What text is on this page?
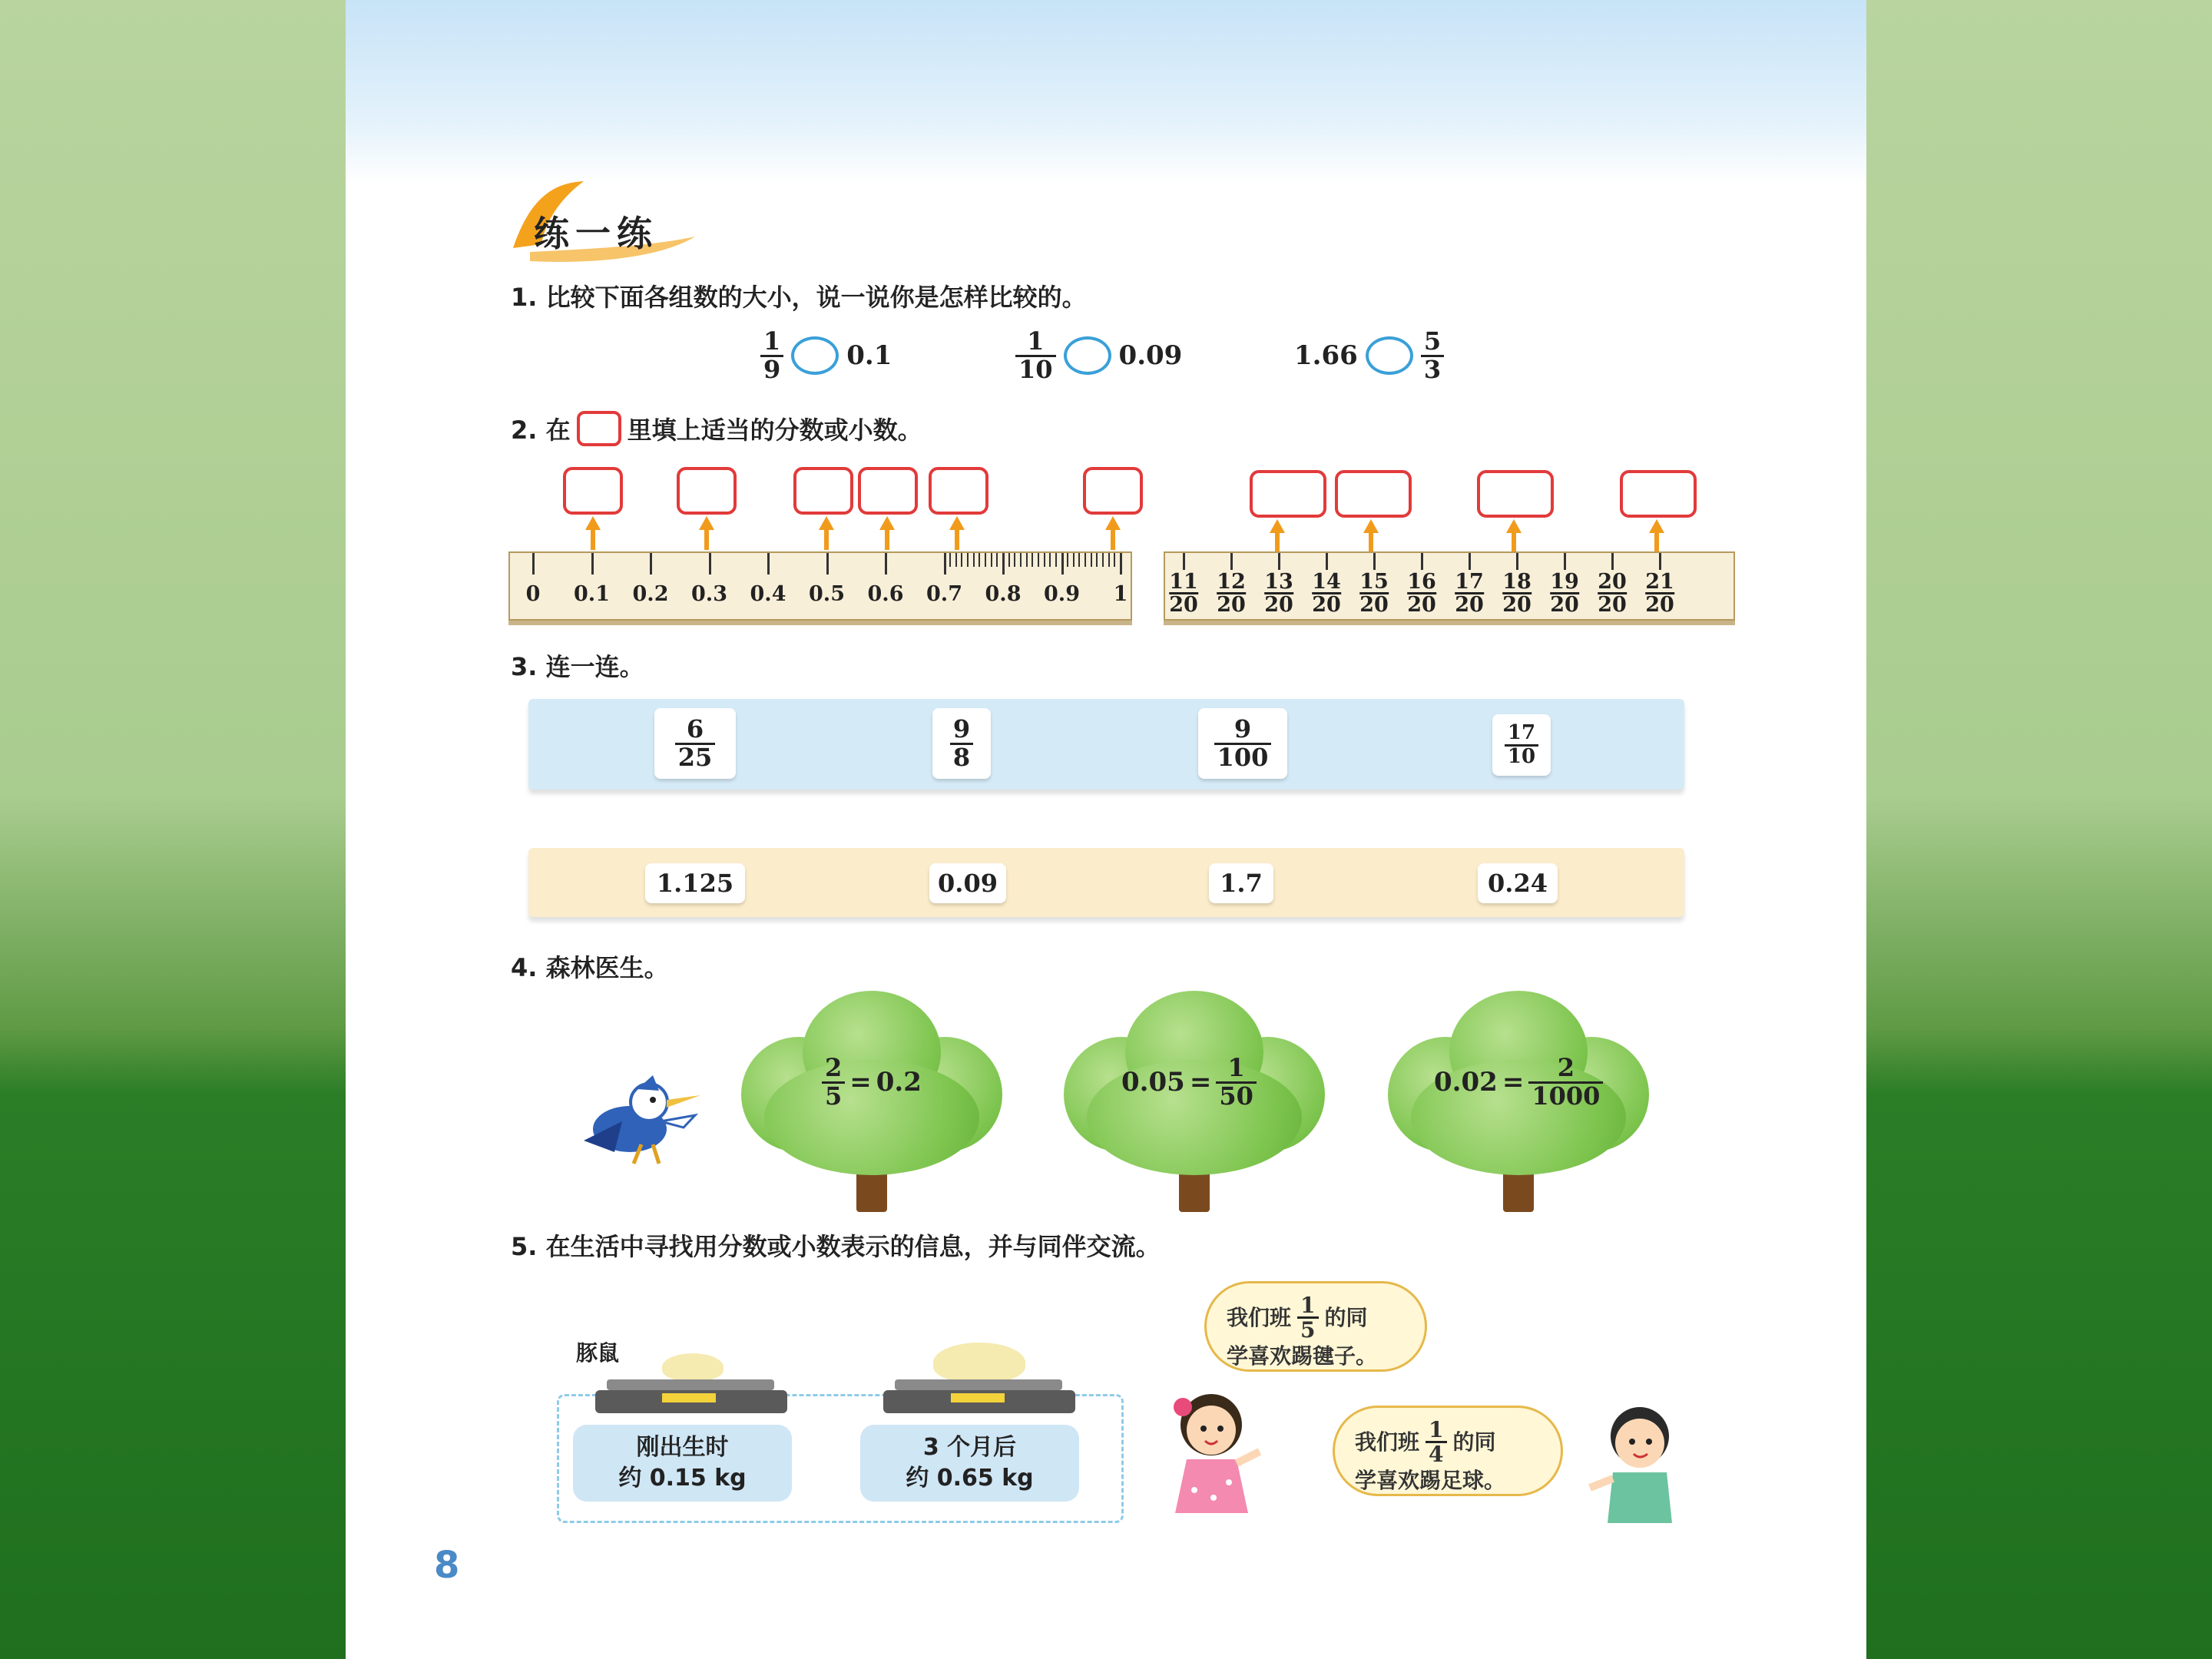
练一练
1. 比较下面各组数的大小，说一说你是怎样比较的。
$\frac{1}{9} 0.1$	$\frac{1}{10} 0.09$	1.66	$\frac{5}{3}$
2. 在 里填上适当的分数或小数。
0 0.1 0.2 0.3 0.4 0.5 0.6 0.7 0.8 0.9 1
11
20
12
20
13
20
14
20
15
20
16
20
17
20
18
20
19
20
20
20
21
20
3. 连一连。
$\frac{6}{25}$	$\frac{9}{8}$	$\frac{9}{100}$	$\frac{17}{10}$
1.125	0.09	1.7	0.24
4. 森林医生。
$\frac{2}{5} = 0.2$	$0.05 = \frac{1}{50}$	$0.02 = \frac{2}{1000}$
5. 在生活中寻找用分数或小数表示的信息，并与同伴交流。
豚鼠
刚出生时
约 0.15 kg
3 个月后
约 0.65 kg
我们班 $\frac{1}{5}$ 的同
学喜欢踢毽子。
我们班 $\frac{1}{4}$ 的同
学喜欢踢足球。
8
